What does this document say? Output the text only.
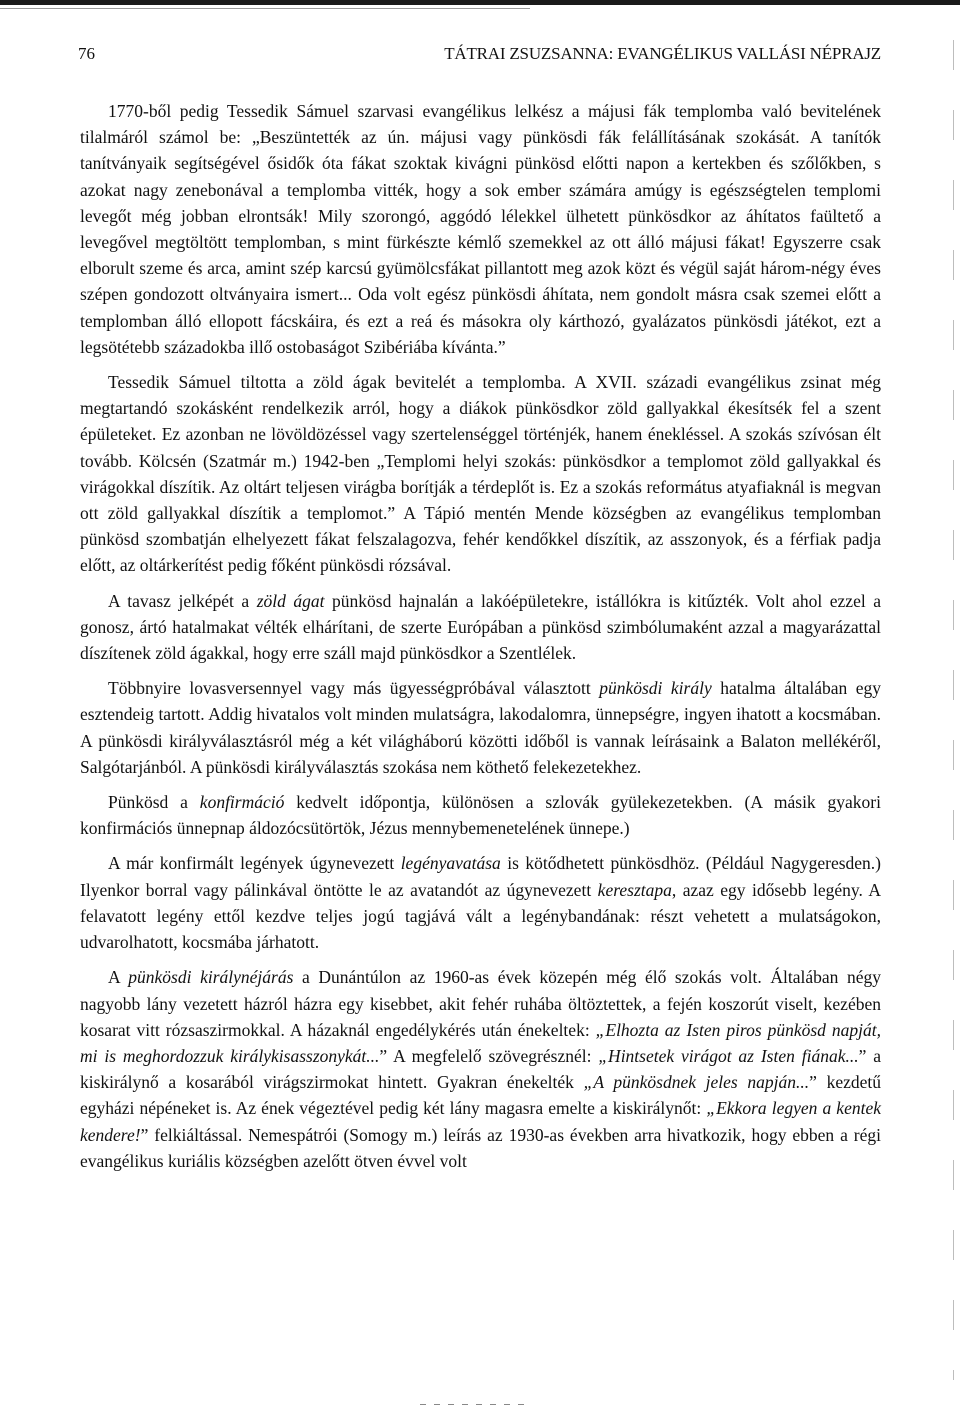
76	TÁTRAI ZSUZSANNA: EVANGÉLIKUS VALLÁSI NÉPRAJZ

1770-ből pedig Tessedik Sámuel szarvasi evangélikus lelkész a májusi fák templomba való bevitelének tilalmáról számol be: „Beszüntették az ún. májusi vagy pünkösdi fák felállításának szokását. A tanítók tanítványaik segítségével ősidők óta fákat szoktak kivágni pünkösd előtti napon a kertekben és szőlőkben, s azokat nagy zenebonával a templomba vitték, hogy a sok ember számára amúgy is egészségtelen templomi levegőt még jobban elrontsák! Mily szorongó, aggódó lélekkel ülhetett pünkösdkor az áhítatos faültető a levegővel megtöltött templomban, s mint fürkészte kémlő szemekkel az ott álló májusi fákat! Egyszerre csak elborult szeme és arca, amint szép karcsú gyümölcsfákat pillantott meg azok közt és végül saját három-négy éves szépen gondozott oltványaira ismert... Oda volt egész pünkösdi áhítata, nem gondolt másra csak szemei előtt a templomban álló ellopott fácskáira, és ezt a reá és másokra oly kárthozó, gyalázatos pünkösdi játékot, ezt a legsötétebb századokba illő ostobaságot Szibériába kívánta.”

Tessedik Sámuel tiltotta a zöld ágak bevitelét a templomba. A XVII. századi evangélikus zsinat még megtartandó szokásként rendelkezik arról, hogy a diákok pünkösdkor zöld gallyakkal ékesítsék fel a szent épületeket. Ez azonban ne lövöldözéssel vagy szertelenséggel történjék, hanem énekléssel. A szokás szívósan élt tovább. Kölcsén (Szatmár m.) 1942-ben „Templomi helyi szokás: pünkösdkor a templomot zöld gallyakkal és virágokkal díszítik. Az oltárt teljesen virágba borítják a térdeplőt is. Ez a szokás református atyafiaknál is megvan ott zöld gallyakkal díszítik a templomot.” A Tápió mentén Mende községben az evangélikus templomban pünkösd szombatján elhelyezett fákat felszalagozva, fehér kendőkkel díszítik, az asszonyok, és a férfiak padja előtt, az oltárkerítést pedig főként pünkösdi rózsával.

A tavasz jelképét a zöld ágat pünkösd hajnalán a lakóépületekre, istállókra is kitűzték. Volt ahol ezzel a gonosz, ártó hatalmakat vélték elhárítani, de szerte Európában a pünkösd szimbólumaként azzal a magyarázattal díszítenek zöld ágakkal, hogy erre száll majd pünkösdkor a Szentlélek.

Többnyire lovasversennyel vagy más ügyességpróbával választott pünkösdi király hatalma általában egy esztendeig tartott. Addig hivatalos volt minden mulatságra, lakodalomra, ünnepségre, ingyen ihatott a kocsmában. A pünkösdi királyválasztásról még a két világháború közötti időből is vannak leírásaink a Balaton mellékéről, Salgótarjánból. A pünkösdi királyválasztás szokása nem köthető felekezetekhez.

Pünkösd a konfirmáció kedvelt időpontja, különösen a szlovák gyülekezetekben. (A másik gyakori konfirmációs ünnepnap áldozócsütörtök, Jézus mennybemenetelének ünnepe.)

A már konfirmált legények úgynevezett legényavatása is kötődhetett pünkösdhöz. (Például Nagygeresden.) Ilyenkor borral vagy pálinkával öntötte le az avatandót az úgynevezett keresztapa, azaz egy idősebb legény. A felavatott legény ettől kezdve teljes jogú tagjává vált a legénybandának: részt vehetett a mulatságokon, udvarolhatott, kocsmába járhatott.

A pünkösdi királynéjárás a Dunántúlon az 1960-as évek közepén még élő szokás volt. Általában négy nagyobb lány vezetett házról házra egy kisebbet, akit fehér ruhába öltöztettek, a fején koszorút viselt, kezében kosarat vitt rózsaszirmokkal. A házaknál engedélykérés után énekeltek: „Elhozta az Isten piros pünkösd napját, mi is meghordozzuk királykisasszonykát...” A megfelelő szövegrésznél: „Hintsetek virágot az Isten fiának...” a kiskirálynő a kosarából virágszirmokat hintett. Gyakran énekelték „A pünkösdnek jeles napján...” kezdetű egyházi népéneket is. Az ének végeztével pedig két lány magasra emelte a kiskirálynőt: „Ekkora legyen a kentek kendere!” felkiáltással. Nemespátrói (Somogy m.) leírás az 1930-as években arra hivatkozik, hogy ebben a régi evangélikus kuriális községben azelőtt ötven évvel volt
